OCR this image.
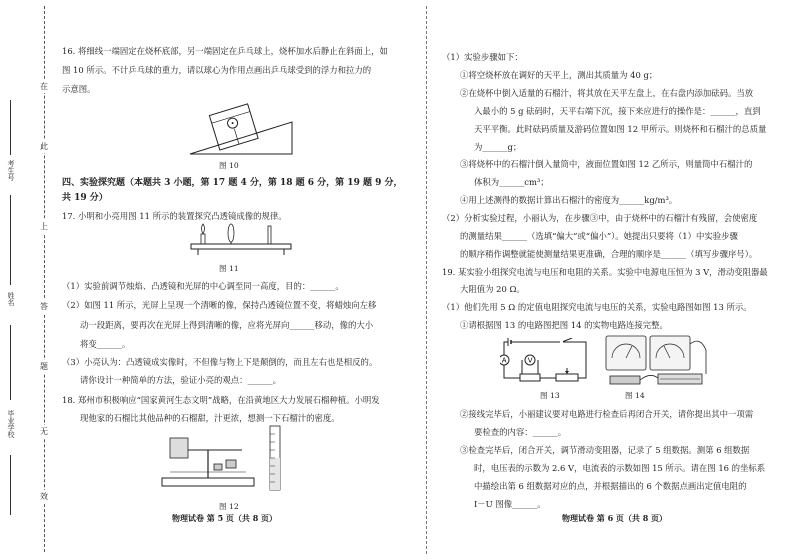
在
此
上
答
题
无
效
考生号
姓名
毕业学校
16. 将细线一端固定在烧杯底部，另一端固定在乒乓球上，烧杯加水后静止在斜面上，如
图 10 所示。不计乒乓球的重力，请以球心为作用点画出乒乓球受到的浮力和拉力的
示意图。
图 10
四、实验探究题（本题共 3 小题，第 17 题 4 分，第 18 题 6 分，第 19 题 9 分，
共 19 分）
17. 小明和小亮用图 11 所示的装置探究凸透镜成像的规律。
图 11
（1）实验前调节烛焰、凸透镜和光屏的中心调至同一高度，目的：______。
（2）如图 11 所示，光屏上呈现一个清晰的像，保持凸透镜位置不变，将蜡烛向左移
动一段距离，要再次在光屏上得到清晰的像，应将光屏向______移动，像的大小
将变______。
（3）小亮认为：凸透镜成实像时，不但像与物上下是颠倒的，而且左右也是相反的。
请你设计一种简单的方法，验证小亮的观点：______。
18. 郑州市积极响应“国家黄河生态文明”战略，在沿黄地区大力发展石榴种植。小明发
现他家的石榴比其他品种的石榴甜，汁更浓，想测一下石榴汁的密度。
图 12
物理试卷 第 5 页（共 8 页）
（1）实验步骤如下：
①将空烧杯放在调好的天平上，测出其质量为 40 g；
②在烧杯中倒入适量的石榴汁，将其放在天平左盘上，在右盘内添加砝码。当放
入最小的 5 g 砝码时，天平右端下沉，接下来应进行的操作是：______，直到
天平平衡。此时砝码质量及游码位置如图 12 甲所示。则烧杯和石榴汁的总质量
为______g；
③将烧杯中的石榴汁倒入量筒中，液面位置如图 12 乙所示，则量筒中石榴汁的
体积为______cm³；
④用上述测得的数据计算出石榴汁的密度为______kg/m³。
（2）分析实验过程，小丽认为，在步骤③中，由于烧杯中的石榴汁有残留，会使密度
的测量结果______（选填“偏大”或“偏小”）。她提出只要将（1）中实验步骤
的顺序稍作调整就能使测量结果更准确，合理的顺序是______（填写步骤序号）。
19. 某实验小组探究电流与电压和电阻的关系。实验中电源电压恒为 3 V，滑动变阻器最
大阻值为 20 Ω。
（1）他们先用 5 Ω 的定值电阻探究电流与电压的关系，实验电路图如图 13 所示。
①请根据图 13 的电路图把图 14 的实物电路连接完整。
A	V
图 13	图 14
②接线完毕后，小丽建议要对电路进行检查后再闭合开关，请你提出其中一项需
要检查的内容：______。
③检查完毕后，闭合开关，调节滑动变阻器，记录了 5 组数据。测第 6 组数据
时，电压表的示数为 2.6 V，电流表的示数如图 15 所示。请在图 16 的坐标系
中描绘出第 6 组数据对应的点，并根据描出的 6 个数据点画出定值电阻的
I－U 图像______。
物理试卷 第 6 页（共 8 页）
